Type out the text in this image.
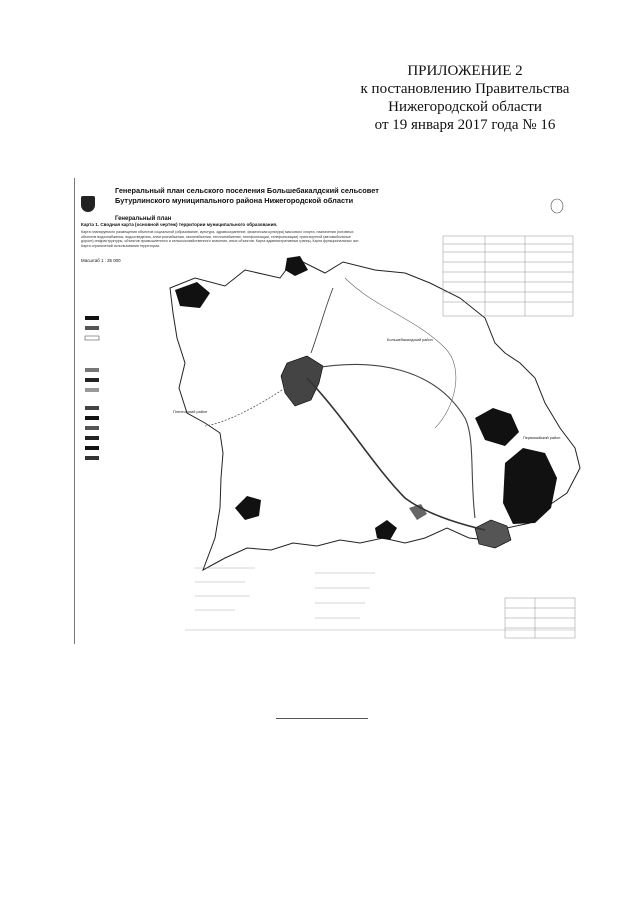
ПРИЛОЖЕНИЕ 2
к постановлению Правительства
Нижегородской области
от 19 января 2017 года № 16
Генеральный план сельского поселения Большебакалдский сельсовет
Бутурлинского муниципального района Нижегородской области
Генеральный план
Карта 1. Сводная карта (основной чертеж) территории муниципального образования.
Карта планируемого размещения объектов социальной (образование, культура, здравоохранение, физическая культура) массового спорта, назначения (головных объектов водоснабжения, водоотведения, электроснабжения, газоснабжения, теплоснабжения, телефонизации, телефонизации) транспортной (автомобильные дороги) инфраструктуры, объектов промышленного и сельскохозяйственного значения, иных объектов. Карта административных границ. Карта функциональных зон. Карта ограничений использования территории.
Масштаб 1 : 25 000
Плехтовский район
Большебакалдский район
Первомайский район
